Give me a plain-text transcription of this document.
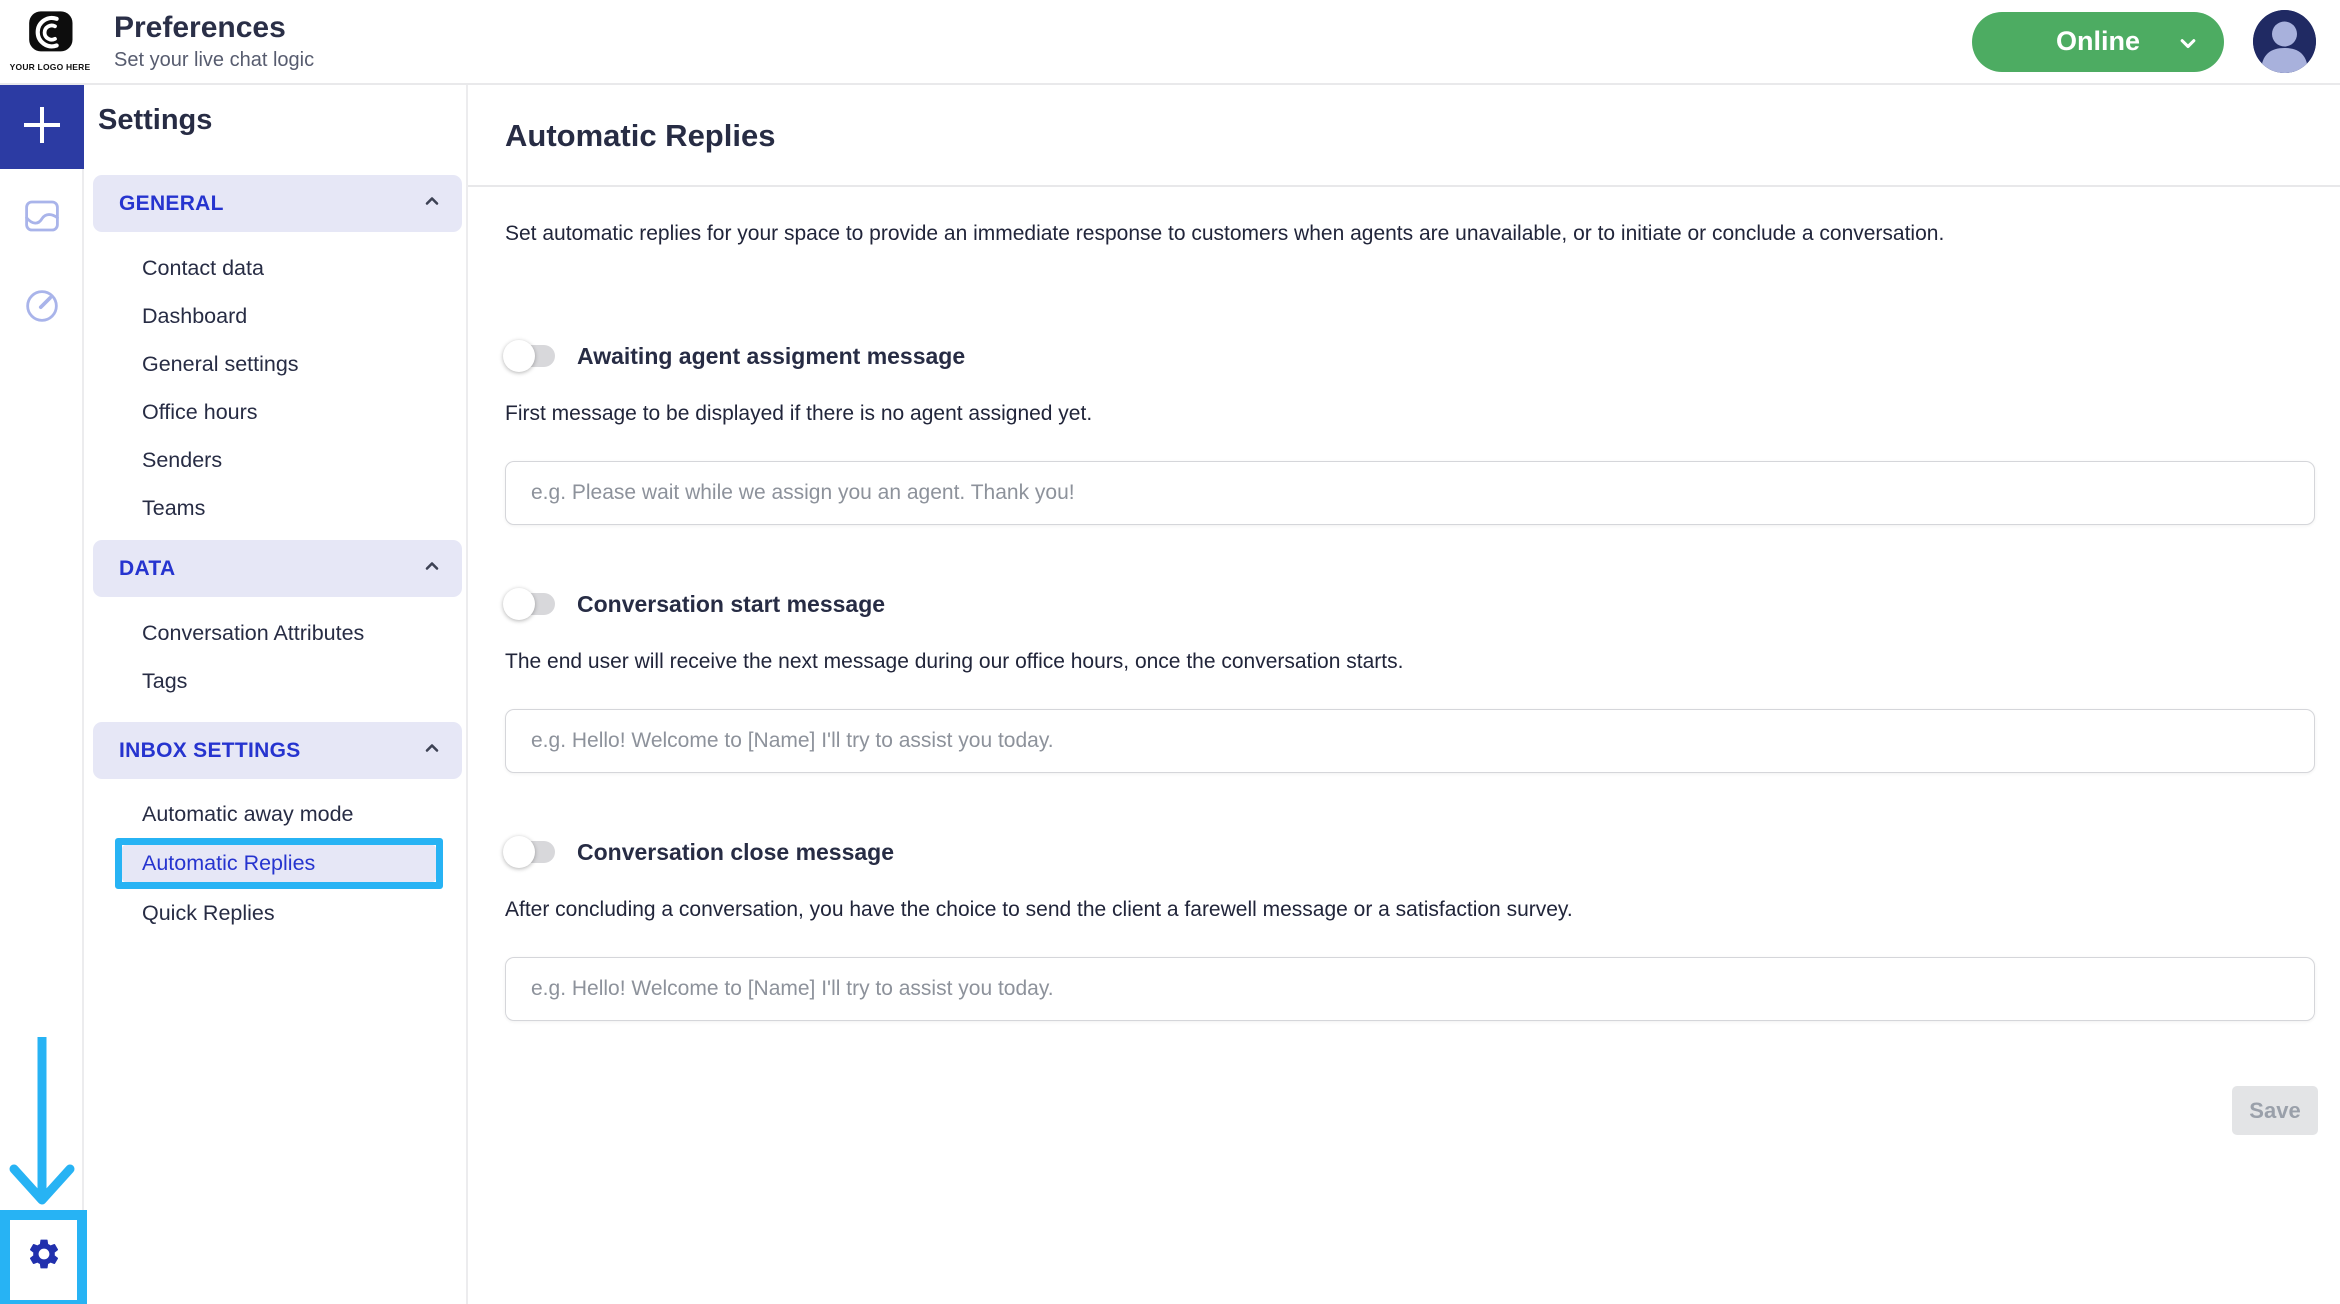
YOUR LOGO HERE
Preferences
Set your live chat logic
Online
Settings
GENERAL
Contact data
Dashboard
General settings
Office hours
Senders
Teams
DATA
Conversation Attributes
Tags
INBOX SETTINGS
Automatic away mode
Automatic Replies
Quick Replies
Automatic Replies
Set automatic replies for your space to provide an immediate response to customers when agents are unavailable, or to initiate or conclude a conversation.
Awaiting agent assigment message
First message to be displayed if there is no agent assigned yet.
e.g. Please wait while we assign you an agent. Thank you!
Conversation start message
The end user will receive the next message during our office hours, once the conversation starts.
e.g. Hello! Welcome to [Name] I'll try to assist you today.
Conversation close message
After concluding a conversation, you have the choice to send the client a farewell message or a satisfaction survey.
e.g. Hello! Welcome to [Name] I'll try to assist you today.
Save
